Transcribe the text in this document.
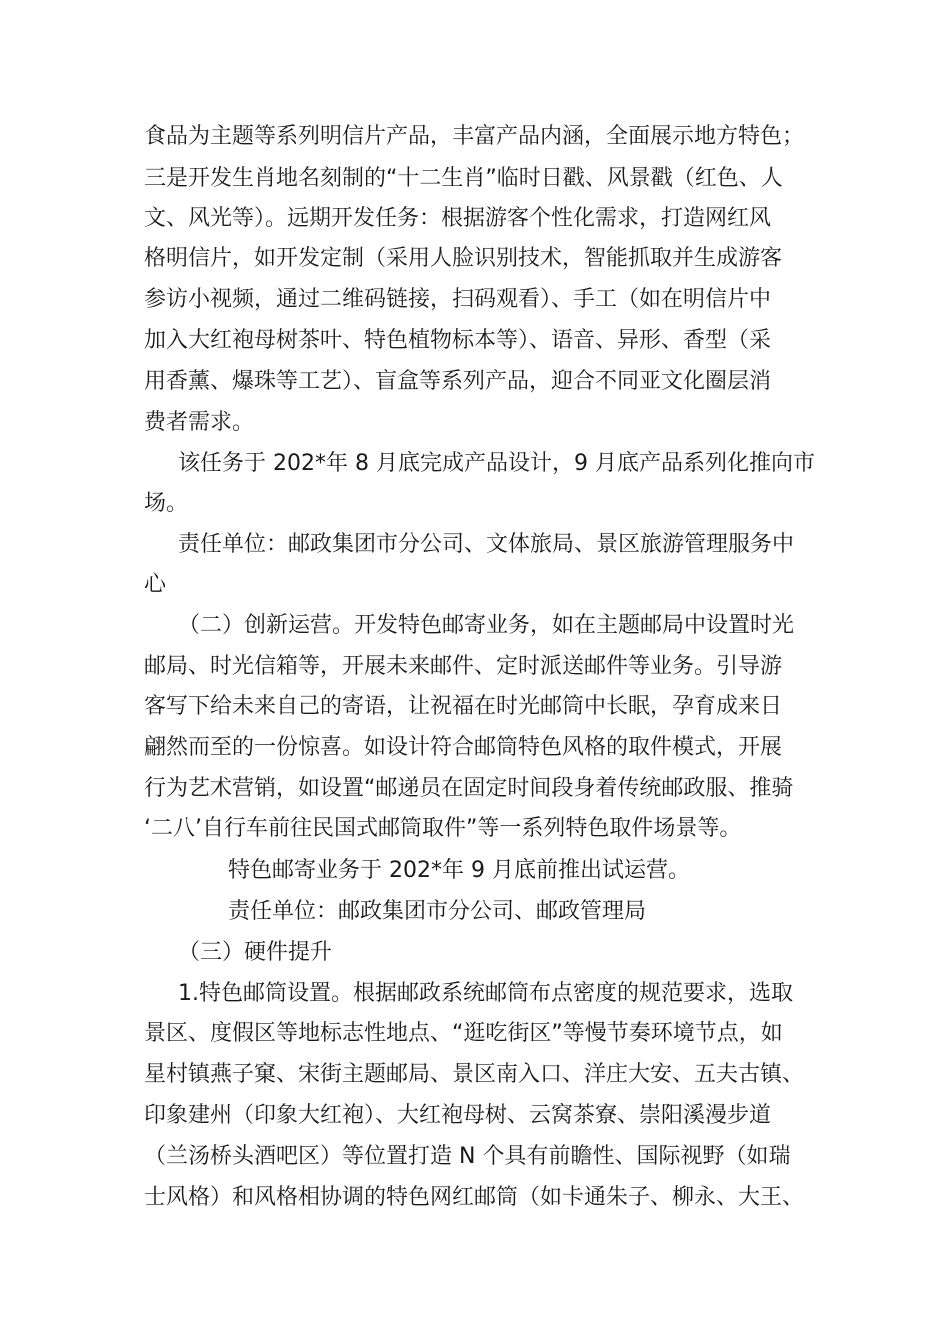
食品为主题等系列明信片产品，丰富产品内涵，全面展示地方特色；
三是开发生肖地名刻制的“十二生肖”临时日戳、风景戳（红色、人
文、风光等）。远期开发任务：根据游客个性化需求，打造网红风
格明信片，如开发定制（采用人脸识别技术，智能抓取并生成游客
参访小视频，通过二维码链接，扫码观看）、手工（如在明信片中
加入大红袍母树茶叶、特色植物标本等）、语音、异形、香型（采
用香薰、爆珠等工艺）、盲盒等系列产品，迎合不同亚文化圈层消
费者需求。
该任务于 202*年 8 月底完成产品设计，9 月底产品系列化推向市
场。
责任单位：邮政集团市分公司、文体旅局、景区旅游管理服务中
心
（二）创新运营。开发特色邮寄业务，如在主题邮局中设置时光
邮局、时光信箱等，开展未来邮件、定时派送邮件等业务。引导游
客写下给未来自己的寄语，让祝福在时光邮筒中长眠，孕育成来日
翩然而至的一份惊喜。如设计符合邮筒特色风格的取件模式，开展
行为艺术营销，如设置“邮递员在固定时间段身着传统邮政服、推骑
‘二八’自行车前往民国式邮筒取件”等一系列特色取件场景等。
特色邮寄业务于 202*年 9 月底前推出试运营。
责任单位：邮政集团市分公司、邮政管理局
（三）硬件提升
1.特色邮筒设置。根据邮政系统邮筒布点密度的规范要求，选取
景区、度假区等地标志性地点、“逛吃街区”等慢节奏环境节点，如
星村镇燕子窠、宋街主题邮局、景区南入口、洋庄大安、五夫古镇、
印象建州（印象大红袍）、大红袍母树、云窝茶寮、崇阳溪漫步道
（兰汤桥头酒吧区）等位置打造 N 个具有前瞻性、国际视野（如瑞
士风格）和风格相协调的特色网红邮筒（如卡通朱子、柳永、大王、
